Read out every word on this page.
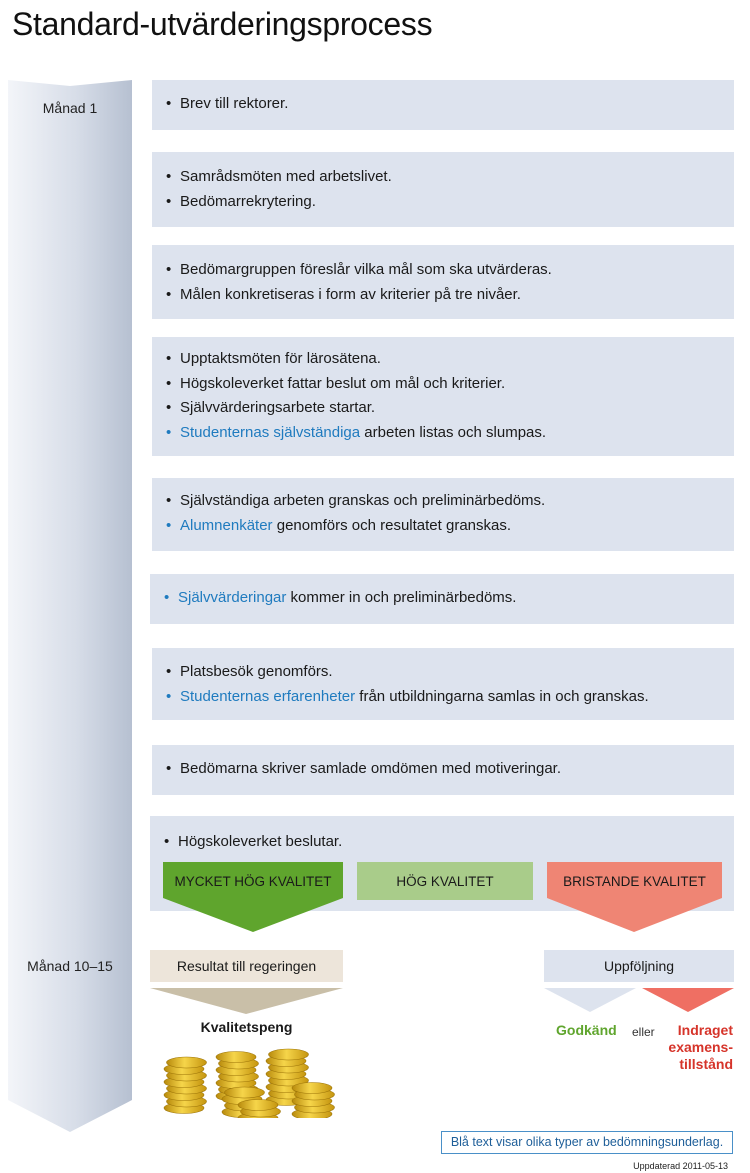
Standard-utvärderingsprocess
Månad 1
Månad 10–15
• Brev till rektorer.
• Samrådsmöten med arbetslivet.
• Bedömarrekrytering.
• Bedömargruppen föreslår vilka mål som ska utvärderas.
• Målen konkretiseras i form av kriterier på tre nivåer.
• Upptaktsmöten för lärosätena.
• Högskoleverket fattar beslut om mål och kriterier.
• Självvärderingsarbete startar.
• Studenternas självständiga arbeten listas och slumpas.
• Självständiga arbeten granskas och preliminärbedöms.
• Alumnenkäter genomförs och resultatet granskas.
• Självvärderingar kommer in och preliminärbedöms.
• Platsbesök genomförs.
• Studenternas erfarenheter från utbildningarna samlas in och granskas.
• Bedömarna skriver samlade omdömen med motiveringar.
• Högskoleverket beslutar.
MYCKET HÖG KVALITET	HÖG KVALITET	BRISTANDE KVALITET
Resultat till regeringen
Kvalitetspeng
Uppföljning
Godkänd eller	Indraget
examens-
tillstånd
Blå text visar olika typer av bedömningsunderlag.
Uppdaterad 2011-05-13
